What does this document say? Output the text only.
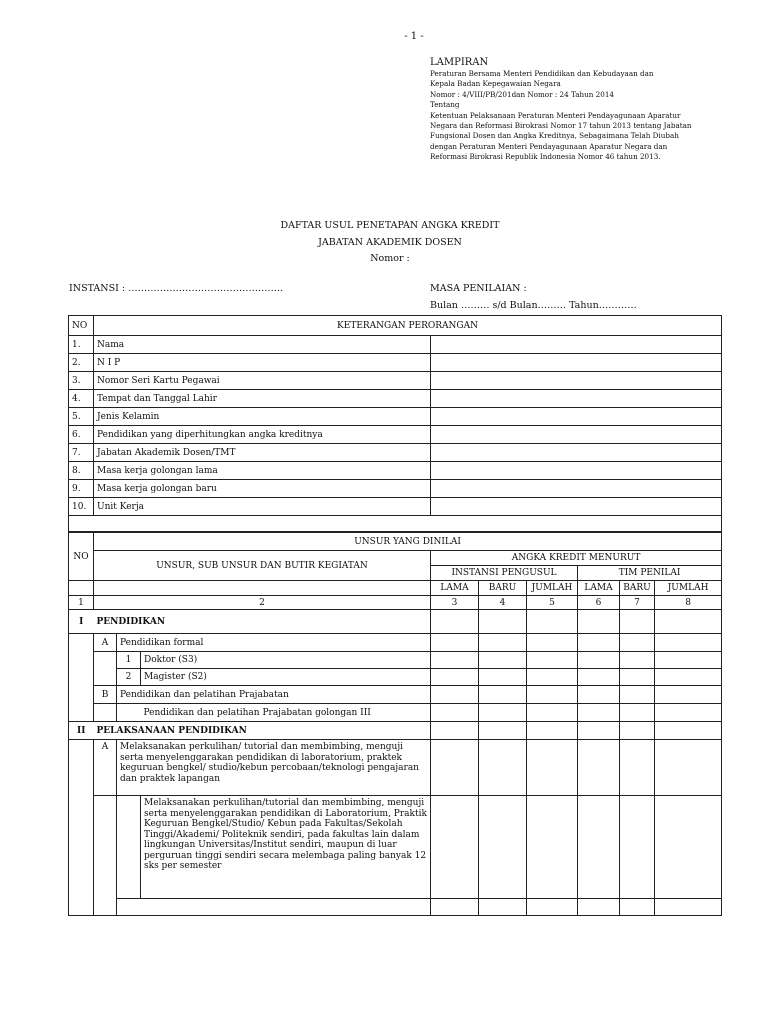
- 1 -
LAMPIRAN
Peraturan Bersama Menteri Pendidikan dan Kebudayaan dan
Kepala Badan Kepegawaian Negara
Nomor : 4/VIII/PB/201dan Nomor : 24 Tahun 2014
Tentang
Ketentuan Pelaksanaan Peraturan Menteri Pendayagunaan Aparatur
Negara dan Reformasi Birokrasi Nomor 17 tahun 2013 tentang Jabatan
Fungsional Dosen dan Angka Kreditnya, Sebagaimana Telah Diubah
dengan Peraturan Menteri Pendayagunaan Aparatur Negara dan
Reformasi Birokrasi Republik Indonesia Nomor 46 tahun 2013.
DAFTAR USUL PENETAPAN ANGKA KREDIT
JABATAN AKADEMIK DOSEN
Nomor :
INSTANSI : ………………………………………….	MASA PENILAIAN :
Bulan ……… s/d Bulan……… Tahun…………
NO	KETERANGAN PERORANGAN	
1.	Nama	
2.	N I P	
3.	Nomor Seri Kartu Pegawai	
4.	Tempat dan Tanggal Lahir	
5.	Jenis Kelamin	
6.	Pendidikan yang diperhitungkan angka kreditnya	
7.	Jabatan Akademik Dosen/TMT	
8.	Masa kerja golongan lama	
9.	Masa kerja golongan baru	
10.	Unit Kerja	

NO	UNSUR YANG DINILAI								
	UNSUR, SUB UNSUR DAN BUTIR KEGIATAN			ANGKA KREDIT MENURUT					
				INSTANSI PENGUSUL			TIM PENILAI		
				LAMA	BARU	JUMLAH	LAMA	BARU	JUMLAH
1	2			3	4	5	6	7	8
I	PENDIDIKAN								
	A	Pendidikan formal							
		1	Doktor (S3)						
		2	Magister (S2)						
	B	Pendidikan dan pelatihan Prajabatan							
			Pendidikan dan pelatihan Prajabatan golongan III						
II	PELAKSANAAN PENDIDIKAN								
	A	Melaksanakan perkulihan/ tutorial dan membimbing, menguji serta menyelenggarakan pendidikan di laboratorium, praktek keguruan bengkel/ studio/kebun percobaan/teknologi pengajaran dan praktek lapangan							
			Melaksanakan perkulihan/tutorial dan membimbing, menguji serta menyelenggarakan pendidikan di Laboratorium, Praktik Keguruan Bengkel/Studio/ Kebun pada Fakultas/Sekolah Tinggi/Akademi/ Politeknik sendiri, pada fakultas lain dalam lingkungan Universitas/Institut sendiri, maupun di luar perguruan tinggi sendiri secara melembaga paling banyak 12 sks per semester						
